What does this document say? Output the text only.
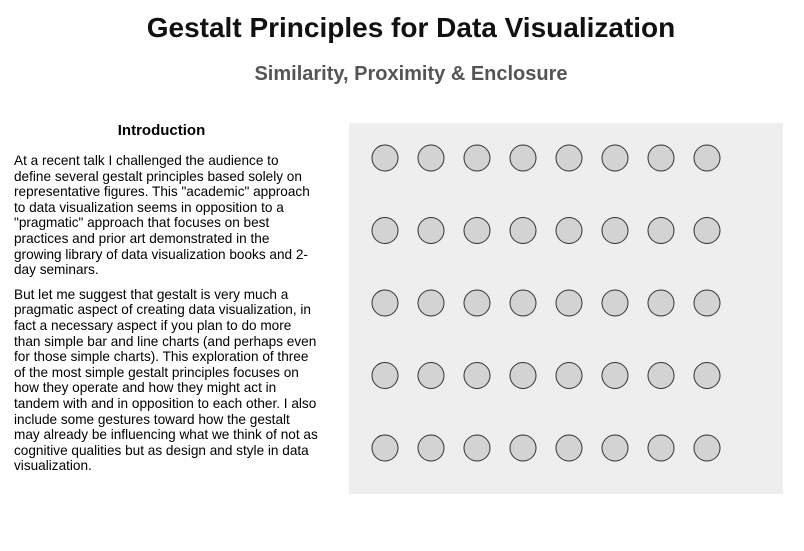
Gestalt Principles for Data Visualization
Similarity, Proximity & Enclosure
Introduction

At a recent talk I challenged the audience to define several gestalt principles based solely on representative figures. This "academic" approach to data visualization seems in opposition to a "pragmatic" approach that focuses on best practices and prior art demonstrated in the growing library of data visualization books and 2-day seminars.

But let me suggest that gestalt is very much a pragmatic aspect of creating data visualization, in fact a necessary aspect if you plan to do more than simple bar and line charts (and perhaps even for those simple charts). This exploration of three of the most simple gestalt principles focuses on how they operate and how they might act in tandem with and in opposition to each other. I also include some gestures toward how the gestalt may already be influencing what we think of not as cognitive qualities but as design and style in data visualization.
